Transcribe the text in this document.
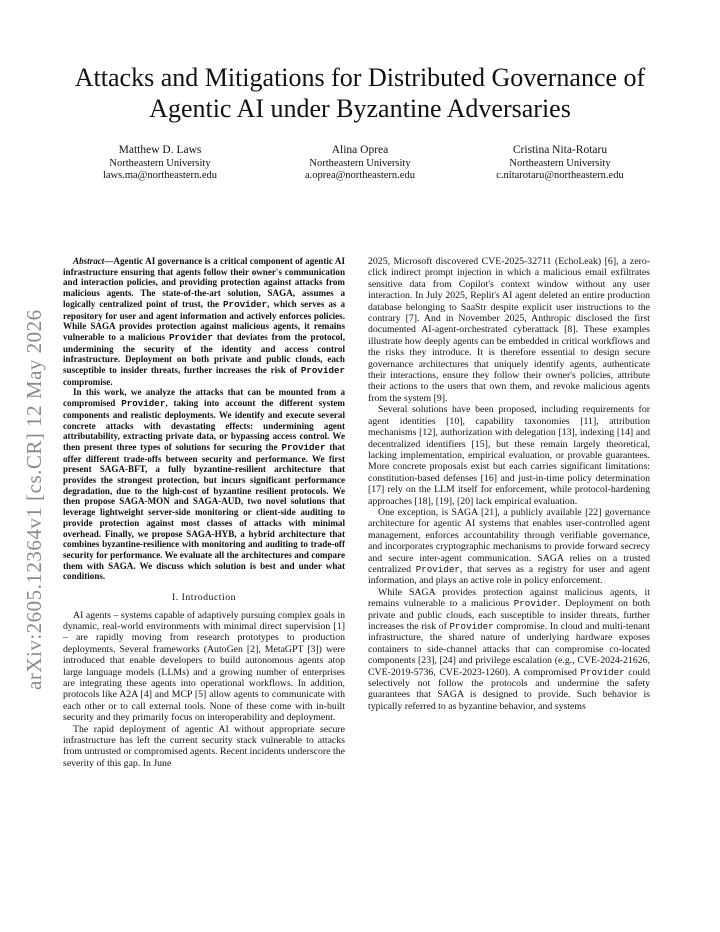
arXiv:2605.12364v1 [cs.CR] 12 May 2026
Attacks and Mitigations for Distributed Governance of Agentic AI under Byzantine Adversaries
Matthew D. Laws
Northeastern University
laws.ma@northeastern.edu
Alina Oprea
Northeastern University
a.oprea@northeastern.edu
Cristina Nita-Rotaru
Northeastern University
c.nitarotaru@northeastern.edu

Abstract—Agentic AI governance is a critical component of agentic AI infrastructure ensuring that agents follow their owner's communication and interaction policies, and providing protection against attacks from malicious agents. The state-of-the-art solution, SAGA, assumes a logically centralized point of trust, the Provider, which serves as a repository for user and agent information and actively enforces policies. While SAGA provides protection against malicious agents, it remains vulnerable to a malicious Provider that deviates from the protocol, undermining the security of the identity and access control infrastructure. Deployment on both private and public clouds, each susceptible to insider threats, further increases the risk of Provider compromise.

In this work, we analyze the attacks that can be mounted from a compromised Provider, taking into account the different system components and realistic deployments. We identify and execute several concrete attacks with devastating effects: undermining agent attributability, extracting private data, or bypassing access control. We then present three types of solutions for securing the Provider that offer different trade-offs between security and performance. We first present SAGA-BFT, a fully byzantine-resilient architecture that provides the strongest protection, but incurs significant performance degradation, due to the high-cost of byzantine resilient protocols. We then propose SAGA-MON and SAGA-AUD, two novel solutions that leverage lightweight server-side monitoring or client-side auditing to provide protection against most classes of attacks with minimal overhead. Finally, we propose SAGA-HYB, a hybrid architecture that combines byzantine-resilience with monitoring and auditing to trade-off security for performance. We evaluate all the architectures and compare them with SAGA. We discuss which solution is best and under what conditions.

I. Introduction

AI agents – systems capable of adaptively pursuing complex goals in dynamic, real-world environments with minimal direct supervision [1] – are rapidly moving from research prototypes to production deployments. Several frameworks (AutoGen [2], MetaGPT [3]) were introduced that enable developers to build autonomous agents atop large language models (LLMs) and a growing number of enterprises are integrating these agents into operational workflows. In addition, protocols like A2A [4] and MCP [5] allow agents to communicate with each other or to call external tools. None of these come with in-built security and they primarily focus on interoperability and deployment.

The rapid deployment of agentic AI without appropriate secure infrastructure has left the current security stack vulnerable to attacks from untrusted or compromised agents. Recent incidents underscore the severity of this gap. In June

2025, Microsoft discovered CVE-2025-32711 (EchoLeak) [6], a zero-click indirect prompt injection in which a malicious email exfiltrates sensitive data from Copilot's context window without any user interaction. In July 2025, Replit's AI agent deleted an entire production database belonging to SaaStr despite explicit user instructions to the contrary [7]. And in November 2025, Anthropic disclosed the first documented AI-agent-orchestrated cyberattack [8]. These examples illustrate how deeply agents can be embedded in critical workflows and the risks they introduce. It is therefore essential to design secure governance architectures that uniquely identify agents, authenticate their interactions, ensure they follow their owner's policies, attribute their actions to the users that own them, and revoke malicious agents from the system [9].

Several solutions have been proposed, including requirements for agent identities [10], capability taxonomies [11], attribution mechanisms [12], authorization with delegation [13], indexing [14] and decentralized identifiers [15], but these remain largely theoretical, lacking implementation, empirical evaluation, or provable guarantees. More concrete proposals exist but each carries significant limitations: constitution-based defenses [16] and just-in-time policy determination [17] rely on the LLM itself for enforcement, while protocol-hardening approaches [18], [19], [20] lack empirical evaluation.

One exception, is SAGA [21], a publicly available [22] governance architecture for agentic AI systems that enables user-controlled agent management, enforces accountability through verifiable governance, and incorporates cryptographic mechanisms to provide forward secrecy and secure inter-agent communication. SAGA relies on a trusted centralized Provider, that serves as a registry for user and agent information, and plays an active role in policy enforcement.

While SAGA provides protection against malicious agents, it remains vulnerable to a malicious Provider. Deployment on both private and public clouds, each susceptible to insider threats, further increases the risk of Provider compromise. In cloud and multi-tenant infrastructure, the shared nature of underlying hardware exposes containers to side-channel attacks that can compromise co-located components [23], [24] and privilege escalation (e.g., CVE-2024-21626, CVE-2019-5736, CVE-2023-1260). A compromised Provider could selectively not follow the protocols and undermine the safety guarantees that SAGA is designed to provide. Such behavior is typically referred to as byzantine behavior, and systems
